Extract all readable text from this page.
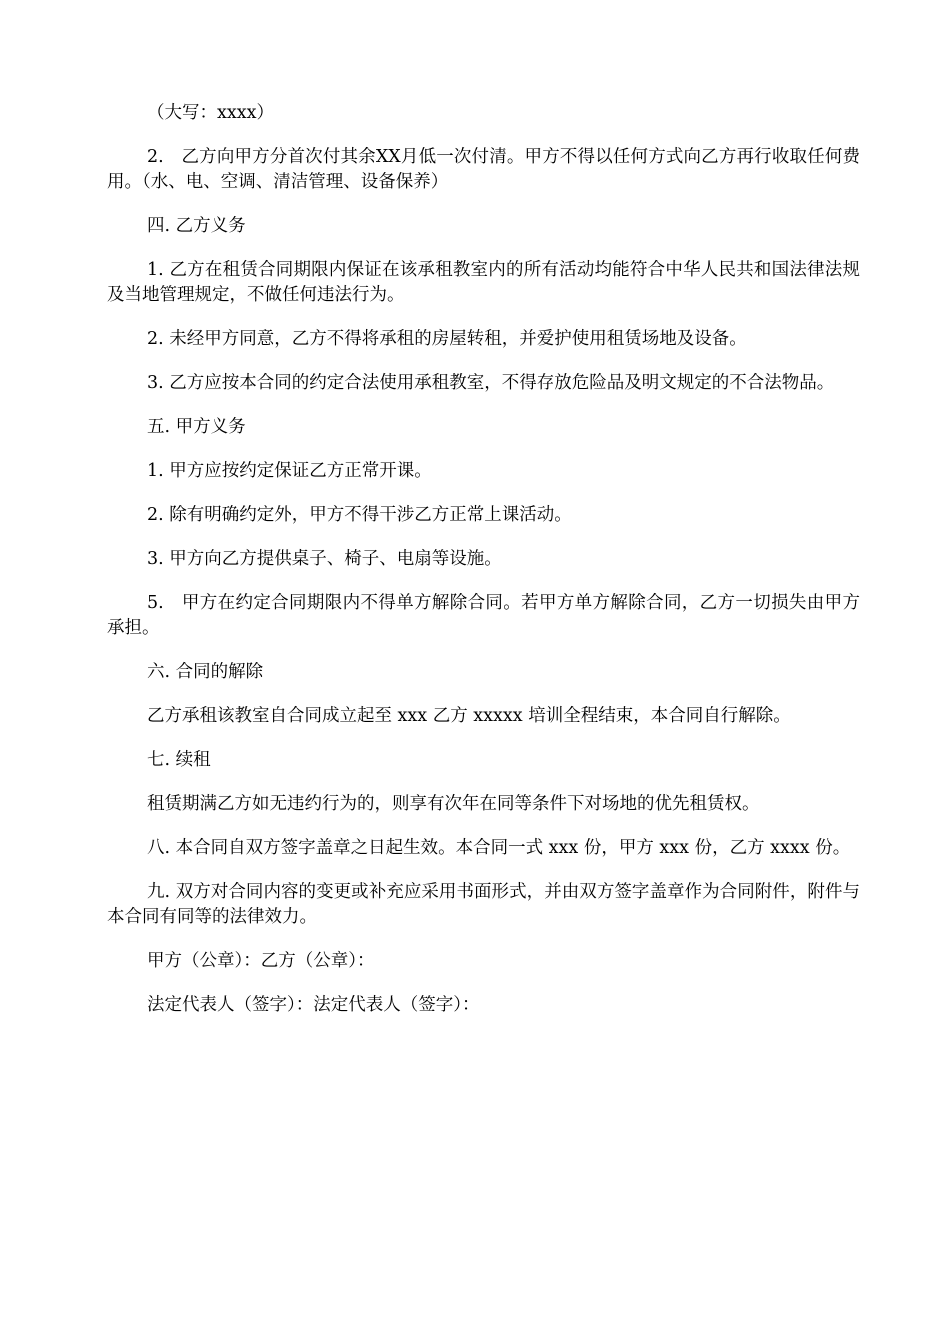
（大写：xxxx）

2.　乙方向甲方分首次付其余XX月低一次付清。甲方不得以任何方式向乙方再行收取任何费用。（水、电、空调、清洁管理、设备保养）

四. 乙方义务

1. 乙方在租赁合同期限内保证在该承租教室内的所有活动均能符合中华人民共和国法律法规及当地管理规定，不做任何违法行为。

2. 未经甲方同意，乙方不得将承租的房屋转租，并爱护使用租赁场地及设备。

3. 乙方应按本合同的约定合法使用承租教室，不得存放危险品及明文规定的不合法物品。

五. 甲方义务

1. 甲方应按约定保证乙方正常开课。

2. 除有明确约定外，甲方不得干涉乙方正常上课活动。

3. 甲方向乙方提供桌子、椅子、电扇等设施。

5.　甲方在约定合同期限内不得单方解除合同。若甲方单方解除合同，乙方一切损失由甲方承担。

六. 合同的解除

乙方承租该教室自合同成立起至 xxx 乙方 xxxxx 培训全程结束，本合同自行解除。

七. 续租

租赁期满乙方如无违约行为的，则享有次年在同等条件下对场地的优先租赁权。

八. 本合同自双方签字盖章之日起生效。本合同一式 xxx 份，甲方 xxx 份，乙方 xxxx 份。

九. 双方对合同内容的变更或补充应采用书面形式，并由双方签字盖章作为合同附件，附件与本合同有同等的法律效力。

甲方（公章）：乙方（公章）：

法定代表人（签字）：法定代表人（签字）：
